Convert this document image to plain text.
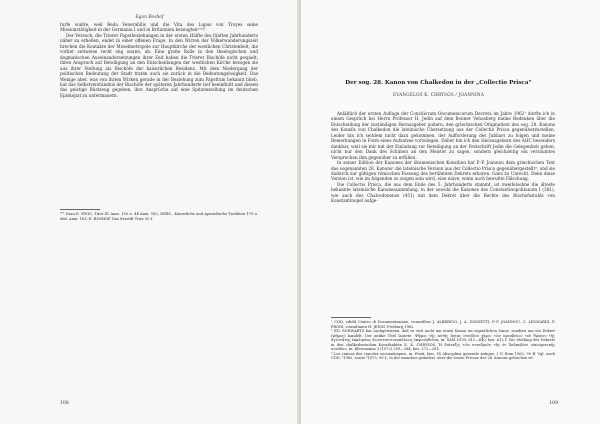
Egon Boshof

turfe wußte, weil Beda Venerabilis und die Vita des Lupus von Troyes seine Missionstätigkeit in der Germania I und in Britannien bezeugten¹⁰⁶?

Der Versuch, die Trierer Papstbeziehungen in der ersten Hälfte des fünften Jahrhunderts näher zu erhellen, endet in einer offenen Frage. In den Wirren der Völkerwanderungszeit brechen die Kontakte der Moselmetropole zur Hauptkirche der westlichen Christenheit, die vorher zeitweise recht eng waren, ab. Eine große Rolle in den theologischen und dogmatischen Auseinandersetzungen ihrer Zeit haben die Trierer Bischöfe nicht gespielt; ihren Anspruch auf Beteiligung an den Entscheidungen der westlichen Kirche bezogen sie aus ihrer Stellung als Bischöfe der kaiserlichen Residenz. Mit dem Niedergang der politischen Bedeutung der Stadt traten auch sie zurück in die Bedeutungslosigkeit. Das Wenige aber, was von ihrem Wirken gerade in der Beziehung zum Papsttum bekannt blieb, hat das Selbstverständnis der Bischöfe der späteren Jahrhunderte tief beeinflußt und diesen das geistige Rüstzeug gegeben, ihre Ansprüche auf eine Spitzenstellung im deutschen Episkopat zu untermauern.

¹⁰⁶ Dazu E. EWIG, Trier 41 Anm. 150 u. 44 Anm. 162; DERS., Kaiserliche und apostolische Tradition 179 u. ebd. Anm. 163; E. BOSHOF, Das Erzstift Trier 50 f.
108
Der sog. 28. Kanon von Chalkedon in der „Collectio Prisca“
EVANGELOS K. CHRYSOS / JOANNINA

Anläßlich der ersten Auflage der Conciliorum Oecumenicorum Decreta im Jahre 1962¹ durfte ich in einem Gespräch bei Herrn Professor H. Jedin auf dem Bonner Venusberg meine Bedenken über die Entscheidung der zuständigen Herausgeber äußern, den griechischen Originaltext des sog. 28. Kanons des Konzils von Chalkedon die lateinische Übersetzung aus der Collectio Prisca gegenüberzustellen. Leider bin ich seitdem nicht dazu gekommen, der Aufforderung des Jubilars zu folgen und meine Bemerkungen in Form eines Aufsatzes vorzulegen. Daher bin ich den Herausgebern des AHC besonders dankbar, weil sie mir mit der Einladung zur Beteiligung an der Festschrift Jedin die Gelegenheit geben, nicht nur den Dank des Schülers an den Meister zu sagen, sondern gleichzeitig ein versäumtes Versprechen ihm gegenüber zu erfüllen.

In seiner Edition der Kanones der ökumenischen Konzilien hat P.-P. Joannou dem griechischen Text des sogenannten 28. Kanons² die lateinische Version aus der Collectio Prisca gegenübergestellt³, und sie dadurch zur gültigen römischen Fassung des berühmten Dekrets erkoren. Ganz zu Unrecht. Denn diese Version ist, wie im folgenden zu zeigen sein wird, eine naive, wenn auch bewußte Fälschung.

Die Collectio Prisca, die aus dem Ende des 5. Jahrhunderts stammt, ist zweifelsohne die älteste bekannte lateinische Kanonessammlung, in der sowohl die Kanones des Constantinopolitanum I (381), wie auch des Chalcedonense (451) mit dem Dekret über die Rechte des Bischofsstuhls von Konstantinopel aufge-

¹ COD, edidit Centro di Documentazione, curantibus J. ALBERIGO, J. A. DOSSETTI, P.-P. JOANNOU, C. LEONARDI, P. PRODI, consultante H. JEDIN, Freiburg 1962.

² ED. SCHWARTZ hat nachgewiesen, daß es sich nicht um einen Kanon im eigentlichen Sinne, sondern um ein Dekret (ψῆφος) handelt. Der antike Titel lautete: Ψῆφος τῆς αὐτῆς ἁγίας συνόδου χάριν τῶν πρεσβείων τοῦ θρόνου τῆς ἁγιωτάτης ἐκκλησίας Κωνσταντινουπόλεως ἐκφωνηθεῖσα, in: SAM 1930, 611—640, bes. 612 f. Zur Stellung des Dekrets in den chalkedonischen Konzilsakten E. K. CHRYSOS, Ἡ διάταξις τῶν συνεδριῶν τῆς ἐν Χαλκηδόνι οἰκουμενικῆς συνόδου, in: Kleronomia 3 (1972) 259—284, bes. 272—281.

³ Les canons des conciles oecuméniques, in: Fonti, fasc. IX (disciplina generale antique, I 1) Rom 1962, 90 ff. Vgl. auch COD, ³1962, sowie ³1973, 99 f., in der manches geändert, aber die versio Priscae der 28. Kanons gelöschen ist.

109
